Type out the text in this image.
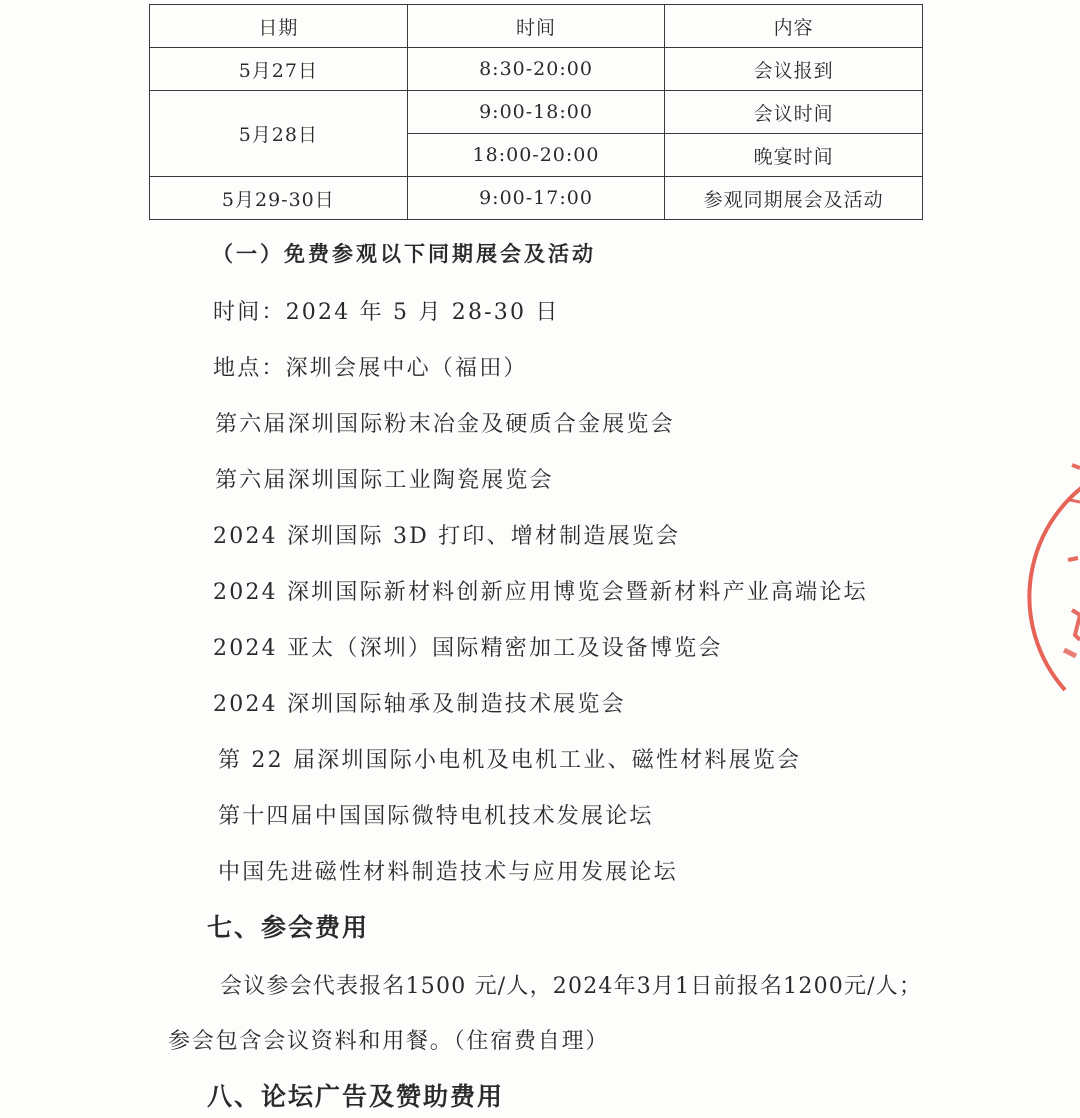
日期	时间	内容
5月27日	8:30-20:00	会议报到
5月28日	9:00-18:00	会议时间
	18:00-20:00	晚宴时间
5月29-30日	9:00-17:00	参观同期展会及活动
（一）免费参观以下同期展会及活动
时间：2024 年 5 月 28-30 日
地点：深圳会展中心（福田）
第六届深圳国际粉末冶金及硬质合金展览会
第六届深圳国际工业陶瓷展览会
2024 深圳国际 3D 打印、增材制造展览会
2024 深圳国际新材料创新应用博览会暨新材料产业高端论坛
2024 亚太（深圳）国际精密加工及设备博览会
2024 深圳国际轴承及制造技术展览会
第 22 届深圳国际小电机及电机工业、磁性材料展览会
第十四届中国国际微特电机技术发展论坛
中国先进磁性材料制造技术与应用发展论坛
七、参会费用
会议参会代表报名1500 元/人，2024年3月1日前报名1200元/人；
参会包含会议资料和用餐。（住宿费自理）
八、论坛广告及赞助费用
